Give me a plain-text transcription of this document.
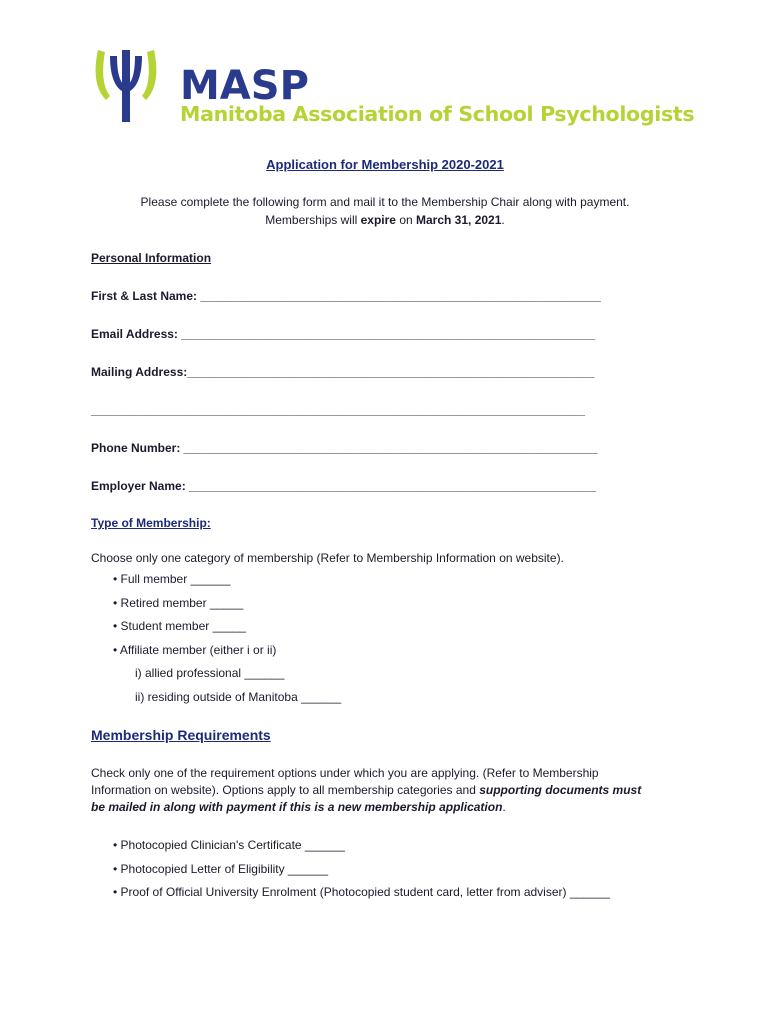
MASP
Manitoba Association of School Psychologists
Application for Membership 2020-2021
Please complete the following form and mail it to the Membership Chair along with payment.
Memberships will expire on March 31, 2021.
Personal Information
First & Last Name: ____________________________________________________________
Email Address: ______________________________________________________________
Mailing Address:_____________________________________________________________
__________________________________________________________________________
Phone Number: ______________________________________________________________
Employer Name: _____________________________________________________________
Type of Membership:
Choose only one category of membership (Refer to Membership Information on website).
• Full member ______
• Retired member _____
• Student member _____
• Affiliate member (either i or ii)
i) allied professional ______
ii) residing outside of Manitoba ______
Membership Requirements
Check only one of the requirement options under which you are applying. (Refer to Membership
Information on website). Options apply to all membership categories and supporting documents must
be mailed in along with payment if this is a new membership application.
• Photocopied Clinician's Certificate ______
• Photocopied Letter of Eligibility ______
• Proof of Official University Enrolment (Photocopied student card, letter from adviser) ______
